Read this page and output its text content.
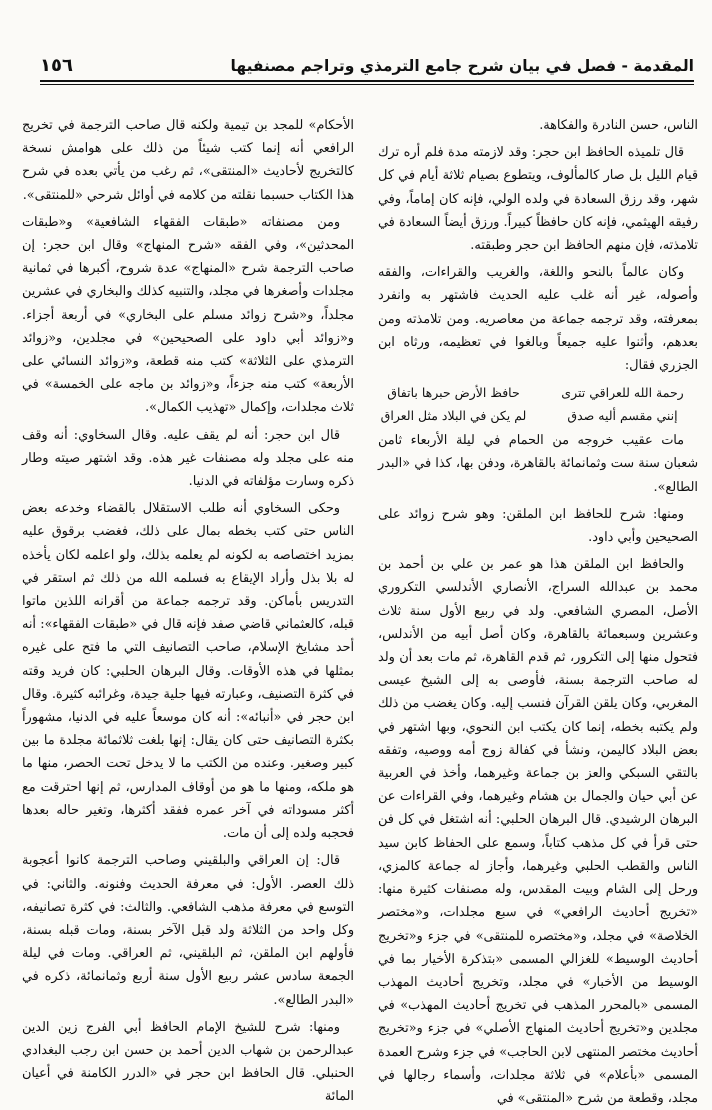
المقدمة - فصل في بيان شرح جامع الترمذي وتراجم مصنفيها
١٥٦

الناس، حسن النادرة والفكاهة.

قال تلميذه الحافظ ابن حجر: وقد لازمته مدة فلم أره ترك قيام الليل بل صار كالمألوف، ويتطوع بصيام ثلاثة أيام في كل شهر، وقد رزق السعادة في ولده الولي، فإنه كان إماماً، وفي رفيقه الهيثمي، فإنه كان حافظاً كبيراً. ورزق أيضاً السعادة في تلامذته، فإن منهم الحافظ ابن حجر وطبقته.

وكان عالماً بالنحو واللغة، والغريب والقراءات، والفقه وأصوله، غير أنه غلب عليه الحديث فاشتهر به وانفرد بمعرفته، وقد ترجمه جماعة من معاصريه. ومن تلامذته ومن بعدهم، وأثنوا عليه جميعاً وبالغوا في تعظيمه، ورثاه ابن الجزري فقال:

رحمة الله للعراقي تترى
حافظ الأرض حبرها باتفاق
إنني مقسم أليه صدق
لم يكن في البلاد مثل العراق

مات عقيب خروجه من الحمام في ليلة الأربعاء ثامن شعبان سنة ست وثمانمائة بالقاهرة، ودفن بها، كذا في «البدر الطالع».

ومنها: شرح للحافظ ابن الملقن: وهو شرح زوائد على الصحيحين وأبي داود.

والحافظ ابن الملقن هذا هو عمر بن علي بن أحمد بن محمد بن عبدالله السراج، الأنصاري الأندلسي التكروري الأصل، المصري الشافعي. ولد في ربيع الأول سنة ثلاث وعشرين وسبعمائة بالقاهرة، وكان أصل أبيه من الأندلس، فتحول منها إلى التكرور، ثم قدم القاهرة، ثم مات بعد أن ولد له صاحب الترجمة بسنة، فأوصى به إلى الشيخ عيسى المغربي، وكان يلقن القرآن فنسب إليه. وكان يغضب من ذلك ولم يكتبه بخطه، إنما كان يكتب ابن النحوي، وبها اشتهر في بعض البلاد كاليمن، ونشأ في كفالة زوج أمه ووصيه، وتفقه بالتقي السبكي والعز بن جماعة وغيرهما، وأخذ في العربية عن أبي حيان والجمال بن هشام وغيرهما، وفي القراءات عن البرهان الرشيدي. قال البرهان الحلبي: أنه اشتغل في كل فن حتى قرأ في كل مذهب كتاباً، وسمع على الحفاظ كابن سيد الناس والقطب الحلبي وغيرهما، وأجاز له جماعة كالمزي، ورحل إلى الشام وبيت المقدس، وله مصنفات كثيرة منها: «تخريج أحاديث الرافعي» في سبع مجلدات، و«مختصر الخلاصة» في مجلد، و«مختصره للمنتقى» في جزء و«تخريج أحاديث الوسيط» للغزالي المسمى «بتذكرة الأخيار بما في الوسيط من الأخبار» في مجلد، وتخريج أحاديث المهذب المسمى «بالمحرر المذهب في تخريج أحاديث المهذب» في مجلدين و«تخريج أحاديث المنهاج الأصلي» في جزء و«تخريج أحاديث مختصر المنتهى لابن الحاجب» في جزء وشرح العمدة المسمى «بأعلام» في ثلاثة مجلدات، وأسماء رجالها في مجلد، وقطعة من شرح «المنتقى» في

الأحكام» للمجد بن تيمية ولكنه قال صاحب الترجمة في تخريج الرافعي أنه إنما كتب شيئاً من ذلك على هوامش نسخة كالتخريج لأحاديث «المنتقى»، ثم رغب من يأتي بعده في شرح هذا الكتاب حسبما نقلته من كلامه في أوائل شرحي «للمنتقى».

ومن مصنفاته «طبقات الفقهاء الشافعية» و«طبقات المحدثين»، وفي الفقه «شرح المنهاج» وقال ابن حجر: إن صاحب الترجمة شرح «المنهاج» عدة شروح، أكبرها في ثمانية مجلدات وأصغرها في مجلد، والتنبيه كذلك والبخاري في عشرين مجلداً، و«شرح زوائد مسلم على البخاري» في أربعة أجزاء. و«زوائد أبي داود على الصحيحين» في مجلدين، و«زوائد الترمذي على الثلاثة» كتب منه قطعة، و«زوائد النسائي على الأربعة» كتب منه جزءاً، و«زوائد بن ماجه على الخمسة» في ثلاث مجلدات، وإكمال «تهذيب الكمال».

قال ابن حجر: أنه لم يقف عليه. وقال السخاوي: أنه وقف منه على مجلد وله مصنفات غير هذه. وقد اشتهر صيته وطار ذكره وسارت مؤلفاته في الدنيا.

وحكى السخاوي أنه طلب الاستقلال بالقضاء وخدعه بعض الناس حتى كتب بخطه بمال على ذلك، فغضب برقوق عليه بمزيد اختصاصه به لكونه لم يعلمه بذلك، ولو اعلمه لكان يأخذه له بلا بذل وأراد الإيقاع به فسلمه الله من ذلك ثم استقر في التدريس بأماكن. وقد ترجمه جماعة من أقرانه اللذين ماتوا قبله، كالعثماني قاضي صفد فإنه قال في «طبقات الفقهاء»: أنه أحد مشايخ الإسلام، صاحب التصانيف التي ما فتح على غيره بمثلها في هذه الأوقات. وقال البرهان الحلبي: كان فريد وقته في كثرة التصنيف، وعبارته فيها جلية جيدة، وغرائبه كثيرة. وقال ابن حجر في «أنبائه»: أنه كان موسعاً عليه في الدنيا، مشهوراً بكثرة التصانيف حتى كان يقال: إنها بلغت ثلاثمائة مجلدة ما بين كبير وصغير. وعنده من الكتب ما لا يدخل تحت الحصر، منها ما هو ملكه، ومنها ما هو من أوقاف المدارس، ثم إنها احترقت مع أكثر مسوداته في آخر عمره ففقد أكثرها، وتغير حاله بعدها فحجبه ولده إلى أن مات.

قال: إن العراقي والبلقيني وصاحب الترجمة كانوا أعجوبة ذلك العصر. الأول: في معرفة الحديث وفنونه. والثاني: في التوسع في معرفة مذهب الشافعي. والثالث: في كثرة تصانيفه، وكل واحد من الثلاثة ولد قبل الآخر بسنة، ومات قبله بسنة، فأولهم ابن الملقن، ثم البلقيني، ثم العراقي. ومات في ليلة الجمعة سادس عشر ربيع الأول سنة أربع وثمانمائة، ذكره في «البدر الطالع».

ومنها: شرح للشيخ الإمام الحافظ أبي الفرج زين الدين عبدالرحمن بن شهاب الدين أحمد بن حسن ابن رجب البغدادي الحنبلي. قال الحافظ ابن حجر في «الدرر الكامنة في أعيان المائة
